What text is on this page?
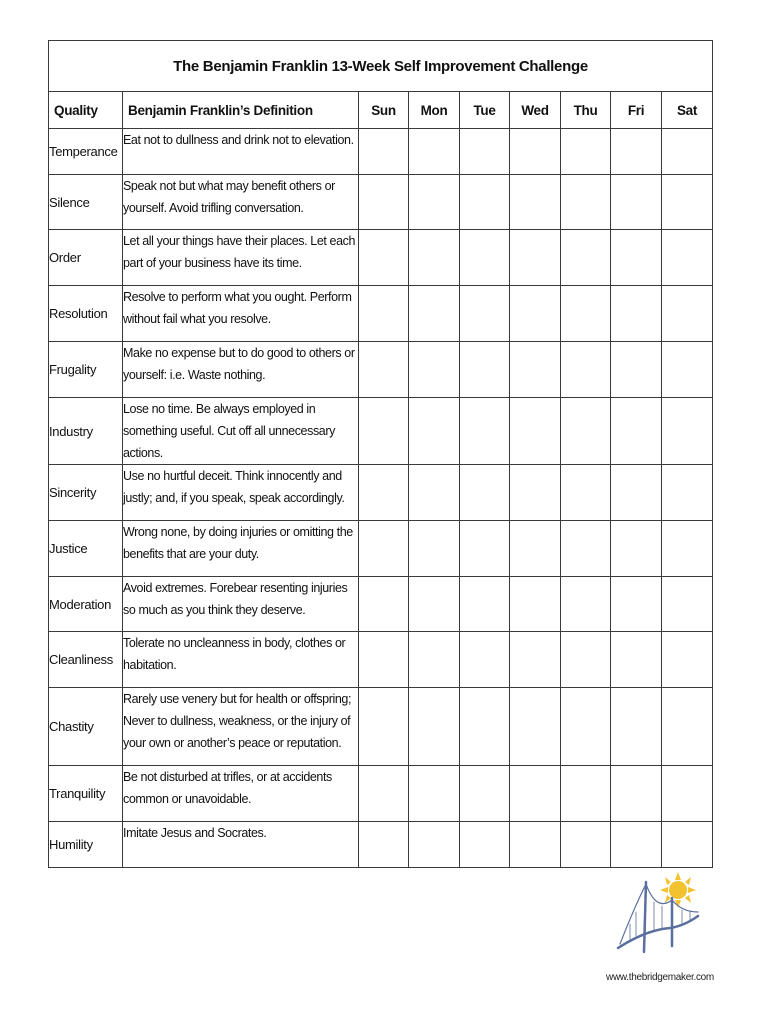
The Benjamin Franklin 13-Week Self Improvement Challenge								
Quality	Benjamin Franklin’s Definition	Sun	Mon	Tue	Wed	Thu	Fri	Sat
Temperance	Eat not to dullness and drink not to elevation.							
Silence	Speak not but what may benefit others or yourself. Avoid trifling conversation.							
Order	Let all your things have their places. Let each part of your business have its time.							
Resolution	Resolve to perform what you ought. Perform without fail what you resolve.							
Frugality	Make no expense but to do good to others or yourself: i.e. Waste nothing.							
Industry	Lose no time. Be always employed in something useful. Cut off all unnecessary actions.							
Sincerity	Use no hurtful deceit. Think innocently and justly; and, if you speak, speak accordingly.							
Justice	Wrong none, by doing injuries or omitting the benefits that are your duty.							
Moderation	Avoid extremes. Forebear resenting injuries so much as you think they deserve.							
Cleanliness	Tolerate no uncleanness in body, clothes or habitation.							
Chastity	Rarely use venery but for health or offspring; Never to dullness, weakness, or the injury of your own or another’s peace or reputation.							
Tranquility	Be not disturbed at trifles, or at accidents common or unavoidable.							
Humility	Imitate Jesus and Socrates.							
www.thebridgemaker.com
